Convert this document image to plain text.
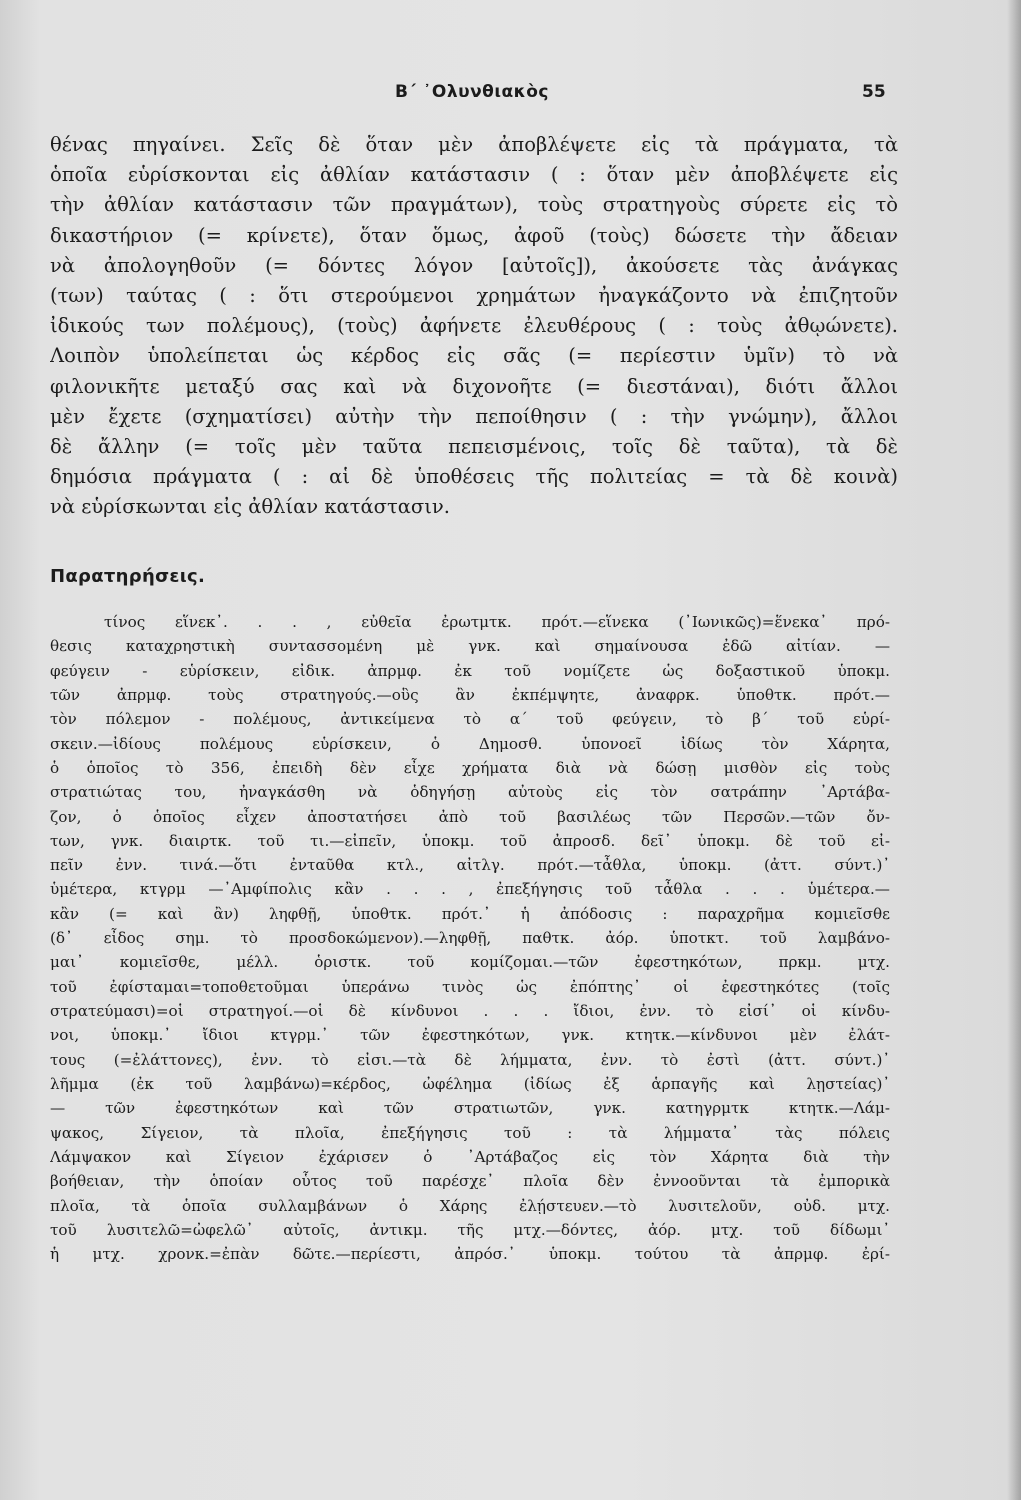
Β΄ ᾿Ολυνθιακὸς	55
θένας πηγαίνει. Σεῖς δὲ ὅταν μὲν ἀποβλέψετε εἰς τὰ πράγματα, τὰ
ὁποῖα εὑρίσκονται εἰς ἀθλίαν κατάστασιν ( : ὅταν μὲν ἀποβλέψετε εἰς
τὴν ἀθλίαν κατάστασιν τῶν πραγμάτων), τοὺς στρατηγοὺς σύρετε εἰς τὸ
δικαστήριον (= κρίνετε), ὅταν ὅμως, ἀφοῦ (τοὺς) δώσετε τὴν ἄδειαν
νὰ ἀπολογηθοῦν (= δόντες λόγον [αὐτοῖς]), ἀκούσετε τὰς ἀνάγκας
(των) ταύτας ( : ὅτι στερούμενοι χρημάτων ἠναγκάζοντο νὰ ἐπιζητοῦν
ἰδικούς των πολέμους), (τοὺς) ἀφήνετε ἐλευθέρους ( : τοὺς ἀθῳώνετε).
Λοιπὸν ὑπολείπεται ὡς κέρδος εἰς σᾶς (= περίεστιν ὑμῖν) τὸ νὰ
φιλονικῆτε μεταξύ σας καὶ νὰ διχονοῆτε (= διεστάναι), διότι ἄλλοι
μὲν ἔχετε (σχηματίσει) αὐτὴν τὴν πεποίθησιν ( : τὴν γνώμην), ἄλλοι
δὲ ἄλλην (= τοῖς μὲν ταῦτα πεπεισμένοις, τοῖς δὲ ταῦτα), τὰ δὲ
δημόσια πράγματα ( : αἱ δὲ ὑποθέσεις τῆς πολιτείας = τὰ δὲ κοινὰ)
νὰ εὑρίσκωνται εἰς ἀθλίαν κατάστασιν.
Παρατηρήσεις.
τίνος εἵνεκ᾿. . . , εὐθεῖα ἐρωτμτκ. πρότ.—εἵνεκα (᾿Ιωνικῶς)=ἕνεκα᾿ πρό-
θεσις καταχρηστικὴ συντασσομένη μὲ γνκ. καὶ σημαίνουσα ἐδῶ αἰτίαν. —
φεύγειν - εὑρίσκειν, εἰδικ. ἀπρμφ. ἐκ τοῦ νομίζετε ὡς δοξαστικοῦ ὑποκμ.
τῶν ἀπρμφ. τοὺς στρατηγούς.—οὓς ἂν ἐκπέμψητε, ἀναφρκ. ὑποθτκ. πρότ.—
τὸν πόλεμον - πολέμους, ἀντικείμενα τὸ α΄ τοῦ φεύγειν, τὸ β΄ τοῦ εὑρί-
σκειν.—ἰδίους πολέμους εὑρίσκειν, ὁ Δημοσθ. ὑπονοεῖ ἰδίως τὸν Χάρητα,
ὁ ὁποῖος τὸ 356, ἐπειδὴ δὲν εἶχε χρήματα διὰ νὰ δώσῃ μισθὸν εἰς τοὺς
στρατιώτας του, ἠναγκάσθη νὰ ὁδηγήσῃ αὐτοὺς εἰς τὸν σατράπην ᾿Αρτάβα-
ζον, ὁ ὁποῖος εἶχεν ἀποστατήσει ἀπὸ τοῦ βασιλέως τῶν Περσῶν.—τῶν ὄν-
των, γνκ. διαιρτκ. τοῦ τι.—εἰπεῖν, ὑποκμ. τοῦ ἀπροσδ. δεῖ᾿ ὑποκμ. δὲ τοῦ εἰ-
πεῖν ἐνν. τινά.—ὅτι ἐνταῦθα κτλ., αἰτλγ. πρότ.—τἆθλα, ὑποκμ. (ἀττ. σύντ.)᾿
ὑμέτερα, κτγρμ —᾿Αμφίπολις κἂν . . . , ἐπεξήγησις τοῦ τἆθλα . . . ὑμέτερα.—
κἂν (= καὶ ἂν) ληφθῇ, ὑποθτκ. πρότ.᾿ ἡ ἀπόδοσις : παραχρῆμα κομιεῖσθε
(δ᾿ εἶδος σημ. τὸ προσδοκώμενον).—ληφθῇ, παθτκ. ἀόρ. ὑποτκτ. τοῦ λαμβάνο-
μαι᾿ κομιεῖσθε, μέλλ. ὁριστκ. τοῦ κομίζομαι.—τῶν ἐφεστηκότων, πρκμ. μτχ.
τοῦ ἐφίσταμαι=τοποθετοῦμαι ὑπεράνω τινὸς ὡς ἐπόπτης᾿ οἱ ἐφεστηκότες (τοῖς
στρατεύμασι)=οἱ στρατηγοί.—οἱ δὲ κίνδυνοι . . . ἴδιοι, ἐνν. τὸ εἰσί᾿ οἱ κίνδυ-
νοι, ὑποκμ.᾿ ἴδιοι κτγρμ.᾿ τῶν ἐφεστηκότων, γνκ. κτητκ.—κίνδυνοι μὲν ἐλάτ-
τους (=ἐλάττονες), ἐνν. τὸ εἰσι.—τὰ δὲ λήμματα, ἐνν. τὸ ἐστὶ (ἀττ. σύντ.)᾿
λῆμμα (ἐκ τοῦ λαμβάνω)=κέρδος, ὠφέλημα (ἰδίως ἐξ ἁρπαγῆς καὶ λῃστείας)᾿
— τῶν ἐφεστηκότων καὶ τῶν στρατιωτῶν, γνκ. κατηγρμτκ κτητκ.—Λάμ-
ψακος, Σίγειον, τὰ πλοῖα, ἐπεξήγησις τοῦ : τὰ λήμματα᾿ τὰς πόλεις
Λάμψακον καὶ Σίγειον ἐχάρισεν ὁ ᾿Αρτάβαζος εἰς τὸν Χάρητα διὰ τὴν
βοήθειαν, τὴν ὁποίαν οὗτος τοῦ παρέσχε᾿ πλοῖα δὲν ἐννοοῦνται τὰ ἐμπορικὰ
πλοῖα, τὰ ὁποῖα συλλαμβάνων ὁ Χάρης ἐλῄστευεν.—τὸ λυσιτελοῦν, οὐδ. μτχ.
τοῦ λυσιτελῶ=ὠφελῶ᾿ αὐτοῖς, ἀντικμ. τῆς μτχ.—δόντες, ἀόρ. μτχ. τοῦ δίδωμι᾿
ἡ μτχ. χρονκ.=ἐπὰν δῶτε.—περίεστι, ἀπρόσ.᾿ ὑποκμ. τούτου τὰ ἀπρμφ. ἐρί-
